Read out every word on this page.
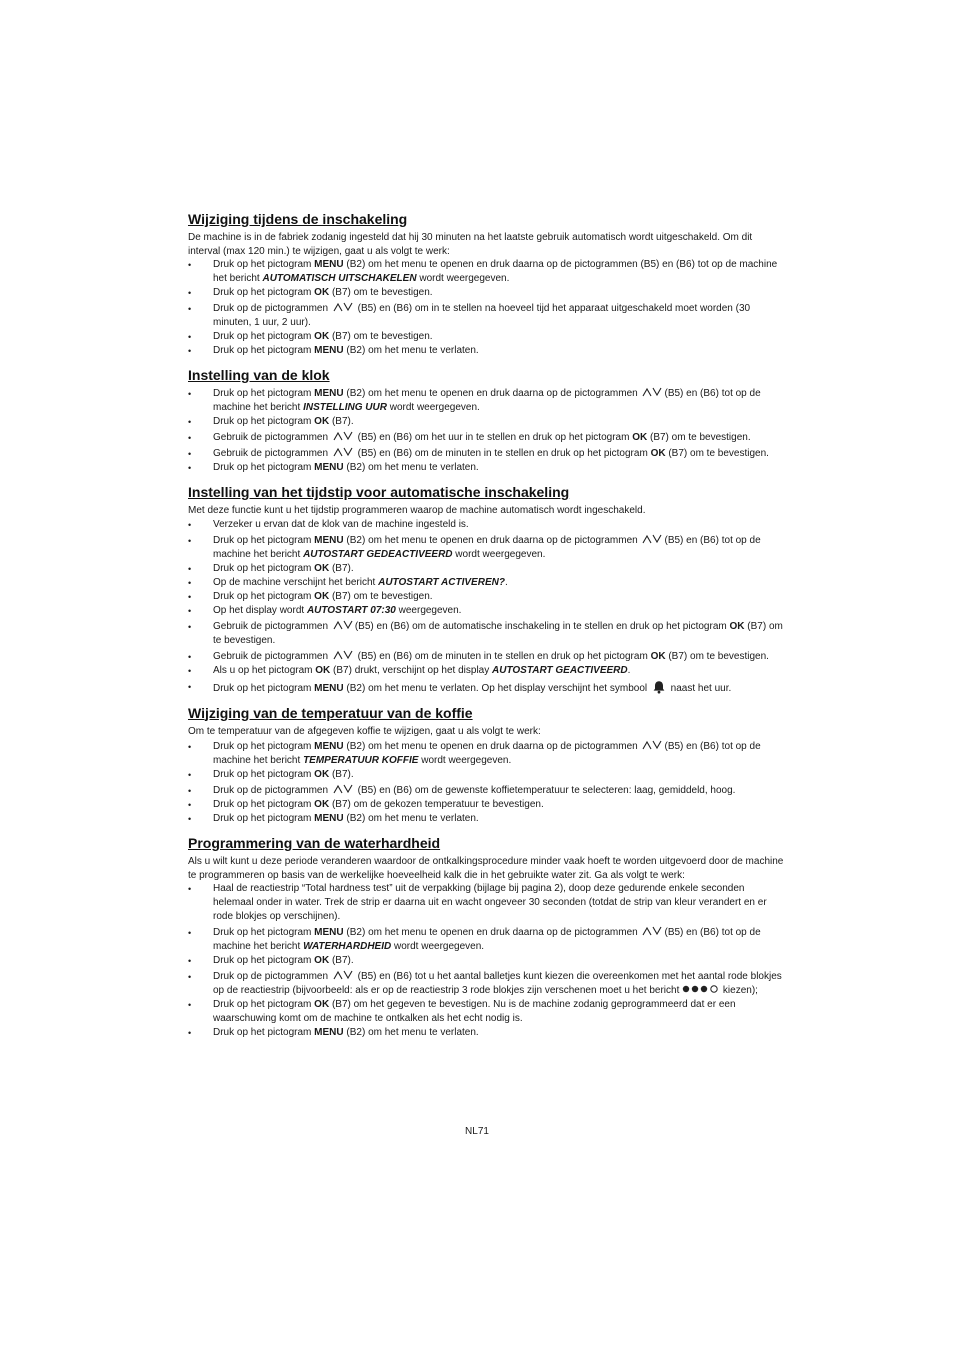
Wijziging tijdens de inschakeling

De machine is in de fabriek zodanig ingesteld dat hij 30 minuten na het laatste gebruik automatisch wordt uitgeschakeld. Om dit interval (max 120 min.) te wijzigen, gaat u als volgt te werk:

• Druk op het pictogram MENU (B2) om het menu te openen en druk daarna op de pictogrammen (B5) en (B6) tot op de machine het bericht AUTOMATISCH UITSCHAKELEN wordt weergegeven.
• Druk op het pictogram OK (B7) om te bevestigen.
• Druk op de pictogrammen  (B5) en (B6) om in te stellen na hoeveel tijd het apparaat uitgeschakeld moet worden (30 minuten, 1 uur, 2 uur).
• Druk op het pictogram OK (B7) om te bevestigen.
• Druk op het pictogram MENU (B2) om het menu te verlaten.
Instelling van de klok
• Druk op het pictogram MENU (B2) om het menu te openen en druk daarna op de pictogrammen (B5) en (B6) tot op de machine het bericht INSTELLING UUR wordt weergegeven.
• Druk op het pictogram OK (B7).
• Gebruik de pictogrammen  (B5) en (B6) om het uur in te stellen en druk op het pictogram OK (B7) om te bevestigen.
• Gebruik de pictogrammen  (B5) en (B6) om de minuten in te stellen en druk op het pictogram OK (B7) om te bevestigen.
• Druk op het pictogram MENU (B2) om het menu te verlaten.
Instelling van het tijdstip voor automatische inschakeling

Met deze functie kunt u het tijdstip programmeren waarop de machine automatisch wordt ingeschakeld.

• Verzeker u ervan dat de klok van de machine ingesteld is.
• Druk op het pictogram MENU (B2) om het menu te openen en druk daarna op de pictogrammen (B5) en (B6) tot op de machine het bericht AUTOSTART GEDEACTIVEERD wordt weergegeven.
• Druk op het pictogram OK (B7).
• Op de machine verschijnt het bericht AUTOSTART ACTIVEREN?.
• Druk op het pictogram OK (B7) om te bevestigen.
• Op het display wordt AUTOSTART 07:30 weergegeven.
• Gebruik de pictogrammen (B5) en (B6) om de automatische inschakeling in te stellen en druk op het pictogram OK (B7) om te bevestigen.
• Gebruik de pictogrammen  (B5) en (B6) om de minuten in te stellen en druk op het pictogram OK (B7) om te bevestigen.
• Als u op het pictogram OK (B7) drukt, verschijnt op het display AUTOSTART GEACTIVEERD.
• Druk op het pictogram MENU (B2) om het menu te verlaten. Op het display verschijnt het symbool  naast het uur.
Wijziging van de temperatuur van de koffie

Om te temperatuur van de afgegeven koffie te wijzigen, gaat u als volgt te werk:

• Druk op het pictogram MENU (B2) om het menu te openen en druk daarna op de pictogrammen (B5) en (B6) tot op de machine het bericht TEMPERATUUR KOFFIE wordt weergegeven.
• Druk op het pictogram OK (B7).
• Druk op de pictogrammen  (B5) en (B6) om de gewenste koffietemperatuur te selecteren: laag, gemiddeld, hoog.
• Druk op het pictogram OK (B7) om de gekozen temperatuur te bevestigen.
• Druk op het pictogram MENU (B2) om het menu te verlaten.
Programmering van de waterhardheid

Als u wilt kunt u deze periode veranderen waardoor de ontkalkingsprocedure minder vaak hoeft te worden uitgevoerd door de machine te programmeren op basis van de werkelijke hoeveelheid kalk die in het gebruikte water zit. Ga als volgt te werk:

• Haal de reactiestrip “Total hardness test” uit de verpakking (bijlage bij pagina 2), doop deze gedurende enkele seconden helemaal onder in water. Trek de strip er daarna uit en wacht ongeveer 30 seconden (totdat de strip van kleur verandert en er rode blokjes op verschijnen).
• Druk op het pictogram MENU (B2) om het menu te openen en druk daarna op de pictogrammen (B5) en (B6) tot op de machine het bericht WATERHARDHEID wordt weergegeven.
• Druk op het pictogram OK (B7).
• Druk op de pictogrammen  (B5) en (B6) tot u het aantal balletjes kunt kiezen die overeenkomen met het aantal rode blokjes op de reactiestrip (bijvoorbeeld: als er op de reactiestrip 3 rode blokjes zijn verschenen moet u het bericht	kiezen);
• Druk op het pictogram OK (B7) om het gegeven te bevestigen. Nu is de machine zodanig geprogrammeerd dat er een waarschuwing komt om de machine te ontkalken als het echt nodig is.
• Druk op het pictogram MENU (B2) om het menu te verlaten.
NL71
